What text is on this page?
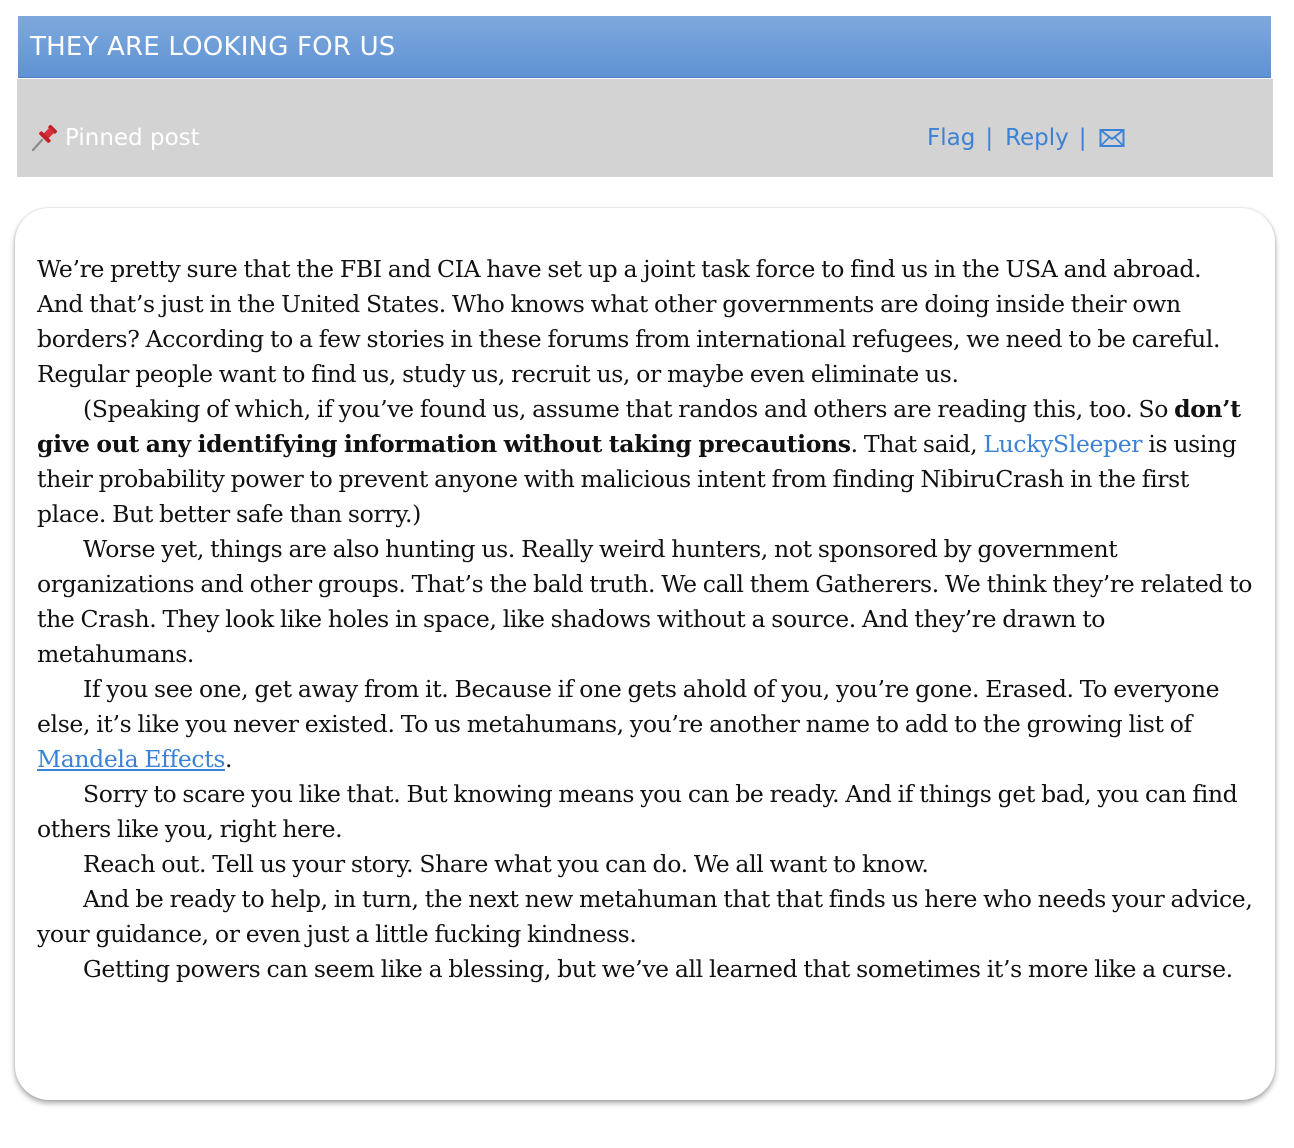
THEY ARE LOOKING FOR US
Pinned post	Flag | Reply |

We’re pretty sure that the FBI and CIA have set up a joint task force to find us in the USA and abroad. And that’s just in the United States. Who knows what other governments are doing inside their own borders? According to a few stories in these forums from international refugees, we need to be careful. Regular people want to find us, study us, recruit us, or maybe even eliminate us.

(Speaking of which, if you’ve found us, assume that randos and others are reading this, too. So don’t give out any identifying information without taking precautions. That said, LuckySleeper is using their probability power to prevent anyone with malicious intent from finding NibiruCrash in the first place. But better safe than sorry.)

Worse yet, things are also hunting us. Really weird hunters, not sponsored by government organizations and other groups. That’s the bald truth. We call them Gatherers. We think they’re related to the Crash. They look like holes in space, like shadows without a source. And they’re drawn to metahumans.

If you see one, get away from it. Because if one gets ahold of you, you’re gone. Erased. To everyone else, it’s like you never existed. To us metahumans, you’re another name to add to the growing list of Mandela Effects.

Sorry to scare you like that. But knowing means you can be ready. And if things get bad, you can find others like you, right here.

Reach out. Tell us your story. Share what you can do. We all want to know.

And be ready to help, in turn, the next new metahuman that that finds us here who needs your advice, your guidance, or even just a little fucking kindness.

Getting powers can seem like a blessing, but we’ve all learned that sometimes it’s more like a curse.
